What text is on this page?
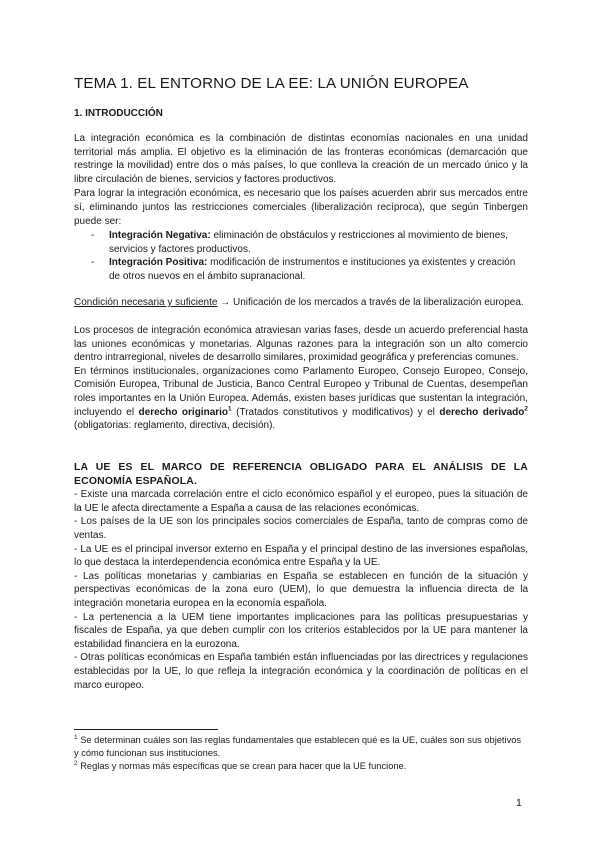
TEMA 1. EL ENTORNO DE LA EE: LA UNIÓN EUROPEA
1. INTRODUCCIÓN

La integración económica es la combinación de distintas economías nacionales en una unidad territorial más amplia. El objetivo es la eliminación de las fronteras económicas (demarcación que restringe la movilidad) entre dos o más países, lo que conlleva la creación de un mercado único y la libre circulación de bienes, servicios y factores productivos.

Para lograr la integración económica, es necesario que los países acuerden abrir sus mercados entre sí, eliminando juntos las restricciones comerciales (liberalización recíproca), que según Tinbergen puede ser:

- Integración Negativa: eliminación de obstáculos y restricciones al movimiento de bienes, servicios y factores productivos.
- Integración Positiva: modificación de instrumentos e instituciones ya existentes y creación de otros nuevos en el ámbito supranacional.

Condición necesaria y suficiente → Unificación de los mercados a través de la liberalización europea.

Los procesos de integración económica atraviesan varias fases, desde un acuerdo preferencial hasta las uniones económicas y monetarias. Algunas razones para la integración son un alto comercio dentro intrarregional, niveles de desarrollo similares, proximidad geográfica y preferencias comunes.

En términos institucionales, organizaciones como Parlamento Europeo, Consejo Europeo, Consejo, Comisión Europea, Tribunal de Justicia, Banco Central Europeo y Tribunal de Cuentas, desempeñan roles importantes en la Unión Europea. Además, existen bases jurídicas que sustentan la integración, incluyendo el derecho originario$^1$ (Tratados constitutivos y modificativos) y el derecho derivado$^2$ (obligatorias: reglamento, directiva, decisión).

LA UE ES EL MARCO DE REFERENCIA OBLIGADO PARA EL ANÁLISIS DE LA ECONOMÍA ESPAÑOLA.

- Existe una marcada correlación entre el ciclo económico español y el europeo, pues la situación de la UE le afecta directamente a España a causa de las relaciones económicas.

- Los países de la UE son los principales socios comerciales de España, tanto de compras como de ventas.

- La UE es el principal inversor externo en España y el principal destino de las inversiones españolas, lo que destaca la interdependencia económica entre España y la UE.

- Las políticas monetarias y cambiarias en España se establecen en función de la situación y perspectivas económicas de la zona euro (UEM), lo que demuestra la influencia directa de la integración monetaria europea en la economía española.

- La pertenencia a la UEM tiene importantes implicaciones para las políticas presupuestarias y fiscales de España, ya que deben cumplir con los criterios establecidos por la UE para mantener la estabilidad financiera en la eurozona.

- Otras políticas económicas en España también están influenciadas por las directrices y regulaciones establecidas por la UE, lo que refleja la integración económica y la coordinación de políticas en el marco europeo.

$^1$ Se determinan cuáles son las reglas fundamentales que establecen qué es la UE, cuáles son sus objetivos y cómo funcionan sus instituciones.

$^2$ Reglas y normas más específicas que se crean para hacer que la UE funcione.

1
